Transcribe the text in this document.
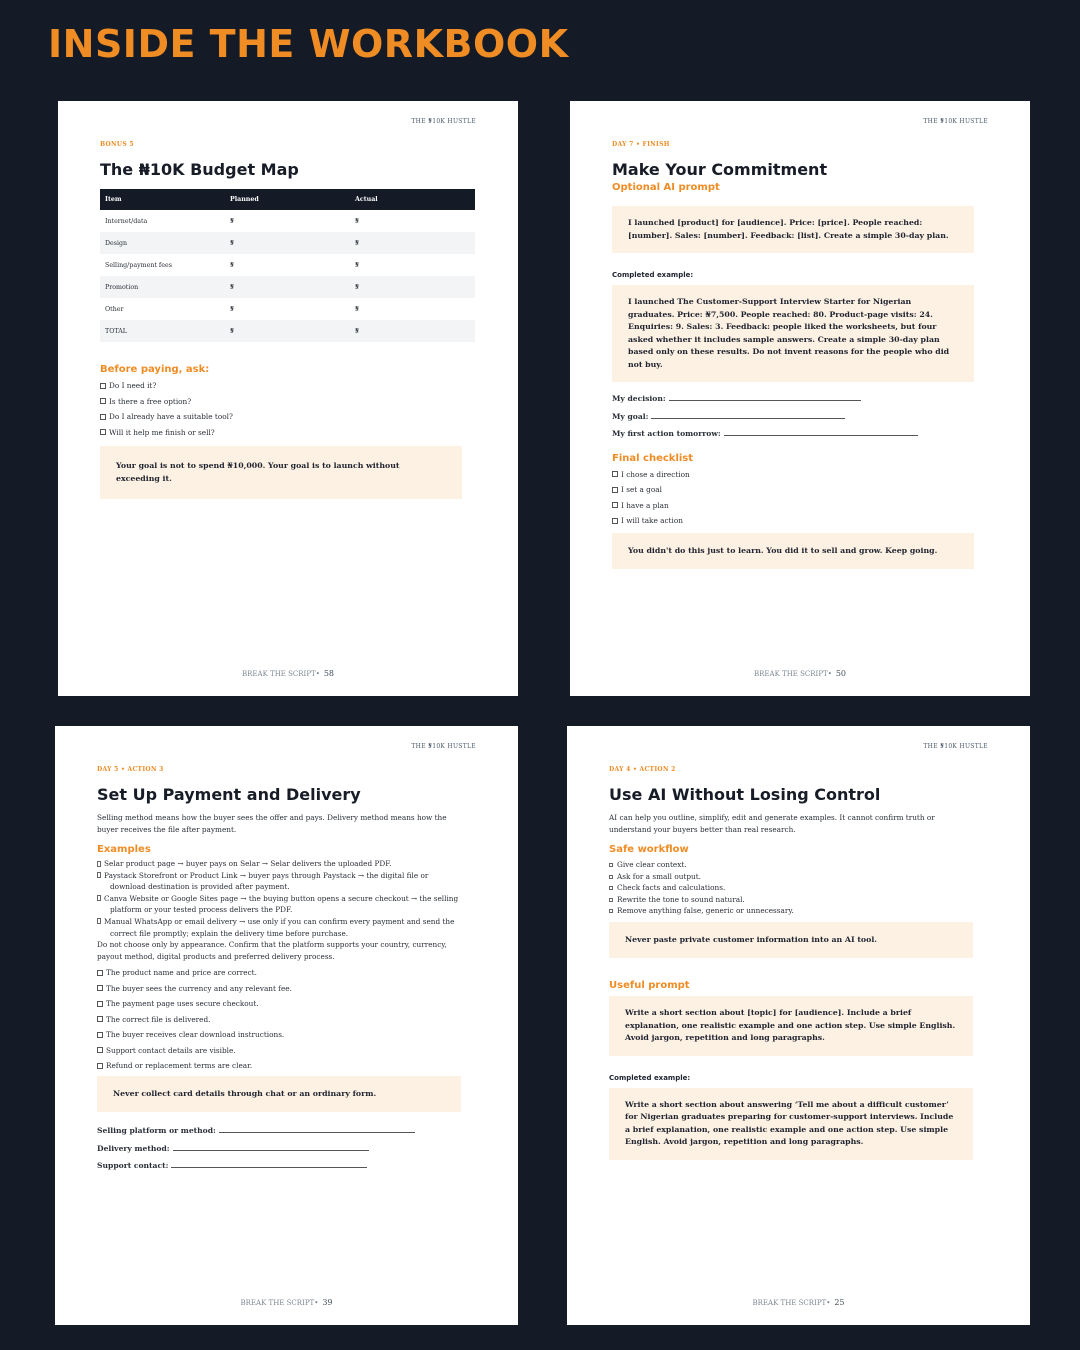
INSIDE THE WORKBOOK
THE ₦10K HUSTLE
BONUS 5
The ₦10K Budget Map
Item	Planned	Actual
Internet/data	₦	₦
Design	₦	₦
Selling/payment fees	₦	₦
Promotion	₦	₦
Other	₦	₦
TOTAL	₦	₦
Before paying, ask:
Do I need it?
Is there a free option?
Do I already have a suitable tool?
Will it help me finish or sell?
Your goal is not to spend ₦10,000. Your goal is to launch without exceeding it.
BREAK THE SCRIPT• 58
THE ₦10K HUSTLE
DAY 7 • FINISH
Make Your Commitment
Optional AI prompt
I launched [product] for [audience]. Price: [price]. People reached: [number]. Sales: [number]. Feedback: [list]. Create a simple 30-day plan.
Completed example:
I launched The Customer-Support Interview Starter for Nigerian graduates. Price: ₦7,500. People reached: 80. Product-page visits: 24. Enquiries: 9. Sales: 3. Feedback: people liked the worksheets, but four asked whether it includes sample answers. Create a simple 30-day plan based only on these results. Do not invent reasons for the people who did not buy.
My decision:
My goal:
My first action tomorrow:
Final checklist
I chose a direction
I set a goal
I have a plan
I will take action
You didn't do this just to learn. You did it to sell and grow. Keep going.
BREAK THE SCRIPT• 50
THE ₦10K HUSTLE
DAY 5 • ACTION 3
Set Up Payment and Delivery
Selling method means how the buyer sees the offer and pays. Delivery method means how the buyer receives the file after payment.
Examples
Selar product page → buyer pays on Selar → Selar delivers the uploaded PDF.
Paystack Storefront or Product Link → buyer pays through Paystack → the digital file or
download destination is provided after payment.
Canva Website or Google Sites page → the buying button opens a secure checkout → the selling
platform or your tested process delivers the PDF.
Manual WhatsApp or email delivery → use only if you can confirm every payment and send the
correct file promptly; explain the delivery time before purchase.
Do not choose only by appearance. Confirm that the platform supports your country, currency, payout method, digital products and preferred delivery process.
The product name and price are correct.
The buyer sees the currency and any relevant fee.
The payment page uses secure checkout.
The correct file is delivered.
The buyer receives clear download instructions.
Support contact details are visible.
Refund or replacement terms are clear.
Never collect card details through chat or an ordinary form.
Selling platform or method:
Delivery method:
Support contact:
BREAK THE SCRIPT• 39
THE ₦10K HUSTLE
DAY 4 • ACTION 2
Use AI Without Losing Control
AI can help you outline, simplify, edit and generate examples. It cannot confirm truth or understand your buyers better than real research.
Safe workflow
Give clear context.
Ask for a small output.
Check facts and calculations.
Rewrite the tone to sound natural.
Remove anything false, generic or unnecessary.
Never paste private customer information into an AI tool.
Useful prompt
Write a short section about [topic] for [audience]. Include a brief explanation, one realistic example and one action step. Use simple English. Avoid jargon, repetition and long paragraphs.
Completed example:
Write a short section about answering ‘Tell me about a difficult customer’ for Nigerian graduates preparing for customer-support interviews. Include a brief explanation, one realistic example and one action step. Use simple English. Avoid jargon, repetition and long paragraphs.
BREAK THE SCRIPT• 25
